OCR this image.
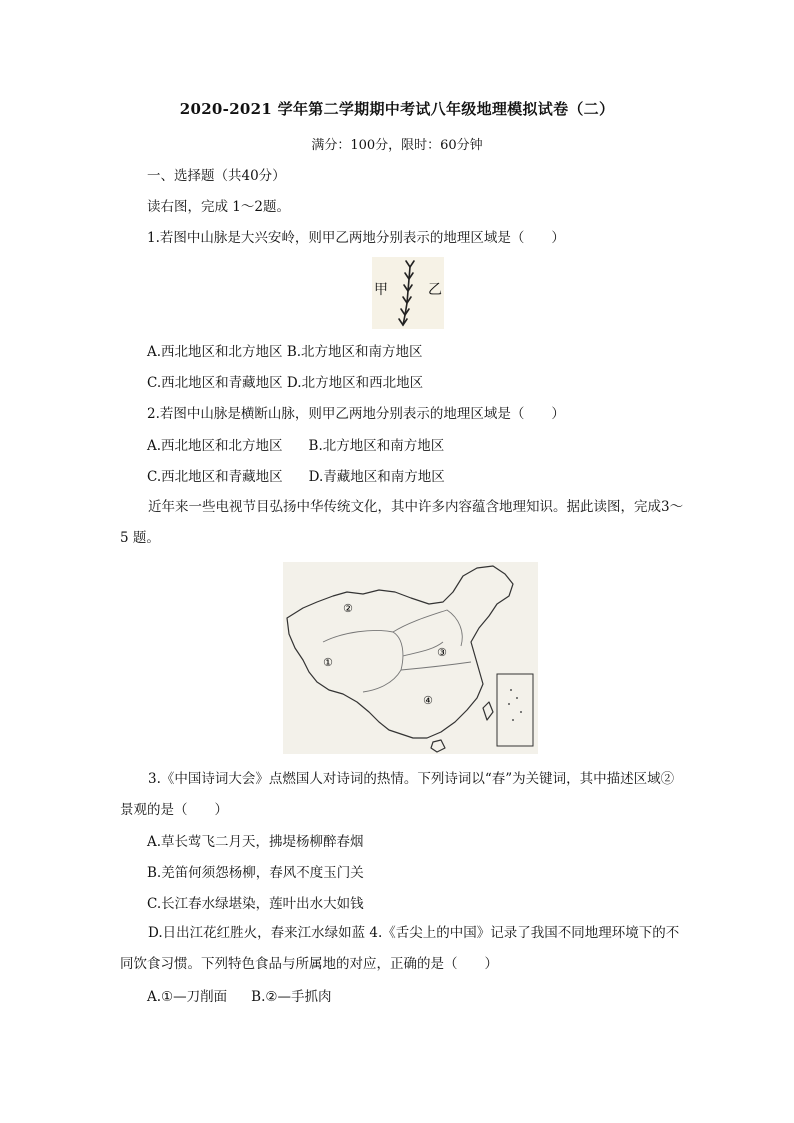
2020-2021 学年第二学期期中考试八年级地理模拟试卷（二）
满分：100分，限时：60分钟
一、选择题（共40分）
读右图，完成 1～2题。
1.若图中山脉是大兴安岭，则甲乙两地分别表示的地理区域是（　　）
甲	乙
A.西北地区和北方地区 B.北方地区和南方地区
C.西北地区和青藏地区 D.北方地区和西北地区
2.若图中山脉是横断山脉，则甲乙两地分别表示的地理区域是（　　）
A.西北地区和北方地区 B.北方地区和南方地区
C.西北地区和青藏地区 D.青藏地区和南方地区
近年来一些电视节目弘扬中华传统文化，其中许多内容蕴含地理知识。据此读图，完成3～5 题。
②
①
③
④
3.《中国诗词大会》点燃国人对诗词的热情。下列诗词以“春”为关键词，其中描述区域②景观的是（　　）
A.草长莺飞二月天，拂堤杨柳醉春烟
B.羌笛何须怨杨柳，春风不度玉门关
C.长江春水绿堪染，莲叶出水大如钱
D.日出江花红胜火，春来江水绿如蓝 4.《舌尖上的中国》记录了我国不同地理环境下的不同饮食习惯。下列特色食品与所属地的对应，正确的是（　　）
A.①—刀削面 B.②—手抓肉
